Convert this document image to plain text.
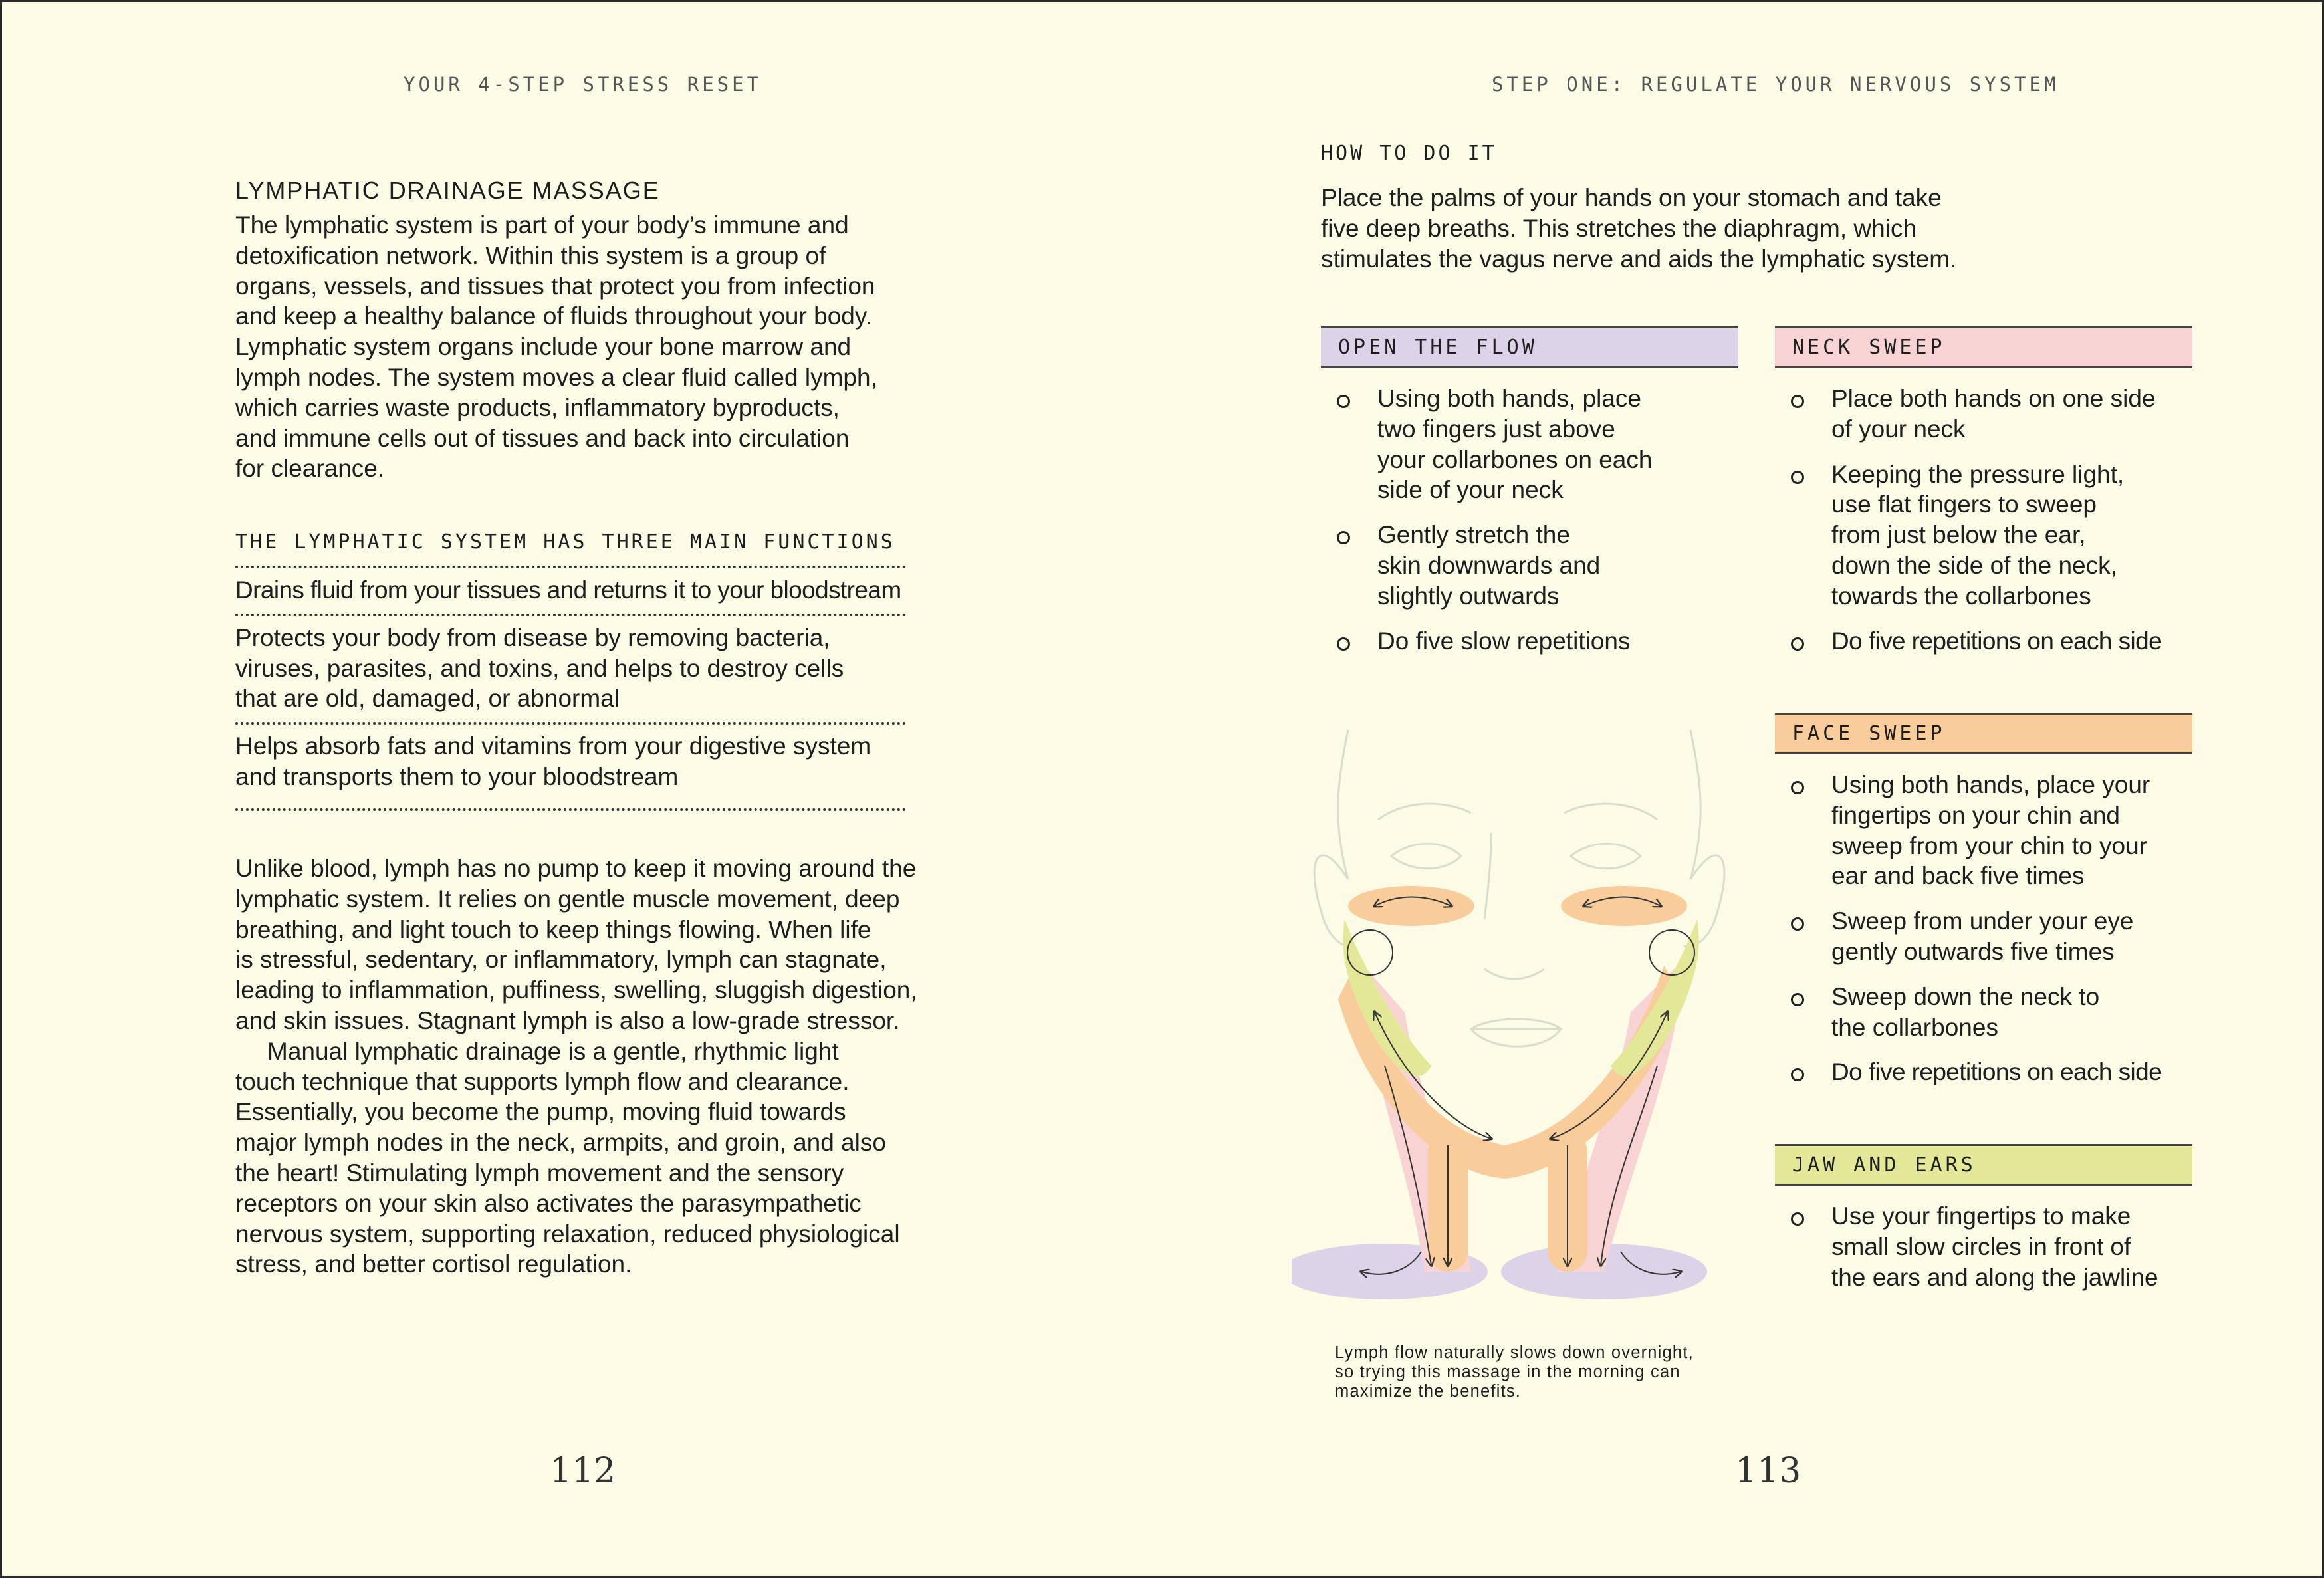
YOUR 4-STEP STRESS RESET
LYMPHATIC DRAINAGE MASSAGE
The lymphatic system is part of your body’s immune and
detoxification network. Within this system is a group of
organs, vessels, and tissues that protect you from infection
and keep a healthy balance of fluids throughout your body.
Lymphatic system organs include your bone marrow and
lymph nodes. The system moves a clear fluid called lymph,
which carries waste products, inflammatory byproducts,
and immune cells out of tissues and back into circulation
for clearance.
THE LYMPHATIC SYSTEM HAS THREE MAIN FUNCTIONS
Drains fluid from your tissues and returns it to your bloodstream
Protects your body from disease by removing bacteria,
viruses, parasites, and toxins, and helps to destroy cells
that are old, damaged, or abnormal
Helps absorb fats and vitamins from your digestive system
and transports them to your bloodstream
Unlike blood, lymph has no pump to keep it moving around the
lymphatic system. It relies on gentle muscle movement, deep
breathing, and light touch to keep things flowing. When life
is stressful, sedentary, or inflammatory, lymph can stagnate,
leading to inflammation, puffiness, swelling, sluggish digestion,
and skin issues. Stagnant lymph is also a low-grade stressor.
Manual lymphatic drainage is a gentle, rhythmic light
touch technique that supports lymph flow and clearance.
Essentially, you become the pump, moving fluid towards
major lymph nodes in the neck, armpits, and groin, and also
the heart! Stimulating lymph movement and the sensory
receptors on your skin also activates the parasympathetic
nervous system, supporting relaxation, reduced physiological
stress, and better cortisol regulation.
112
STEP ONE: REGULATE YOUR NERVOUS SYSTEM
HOW TO DO IT
Place the palms of your hands on your stomach and take
five deep breaths. This stretches the diaphragm, which
stimulates the vagus nerve and aids the lymphatic system.
OPEN THE FLOW
Using both hands, place
two fingers just above
your collarbones on each
side of your neck
Gently stretch the
skin downwards and
slightly outwards
Do five slow repetitions
NECK SWEEP
Place both hands on one side
of your neck
Keeping the pressure light,
use flat fingers to sweep
from just below the ear,
down the side of the neck,
towards the collarbones
Do five repetitions on each side
FACE SWEEP
Using both hands, place your
fingertips on your chin and
sweep from your chin to your
ear and back five times
Sweep from under your eye
gently outwards five times
Sweep down the neck to
the collarbones
Do five repetitions on each side
JAW AND EARS
Use your fingertips to make
small slow circles in front of
the ears and along the jawline
Lymph flow naturally slows down overnight,
so trying this massage in the morning can
maximize the benefits.
113
